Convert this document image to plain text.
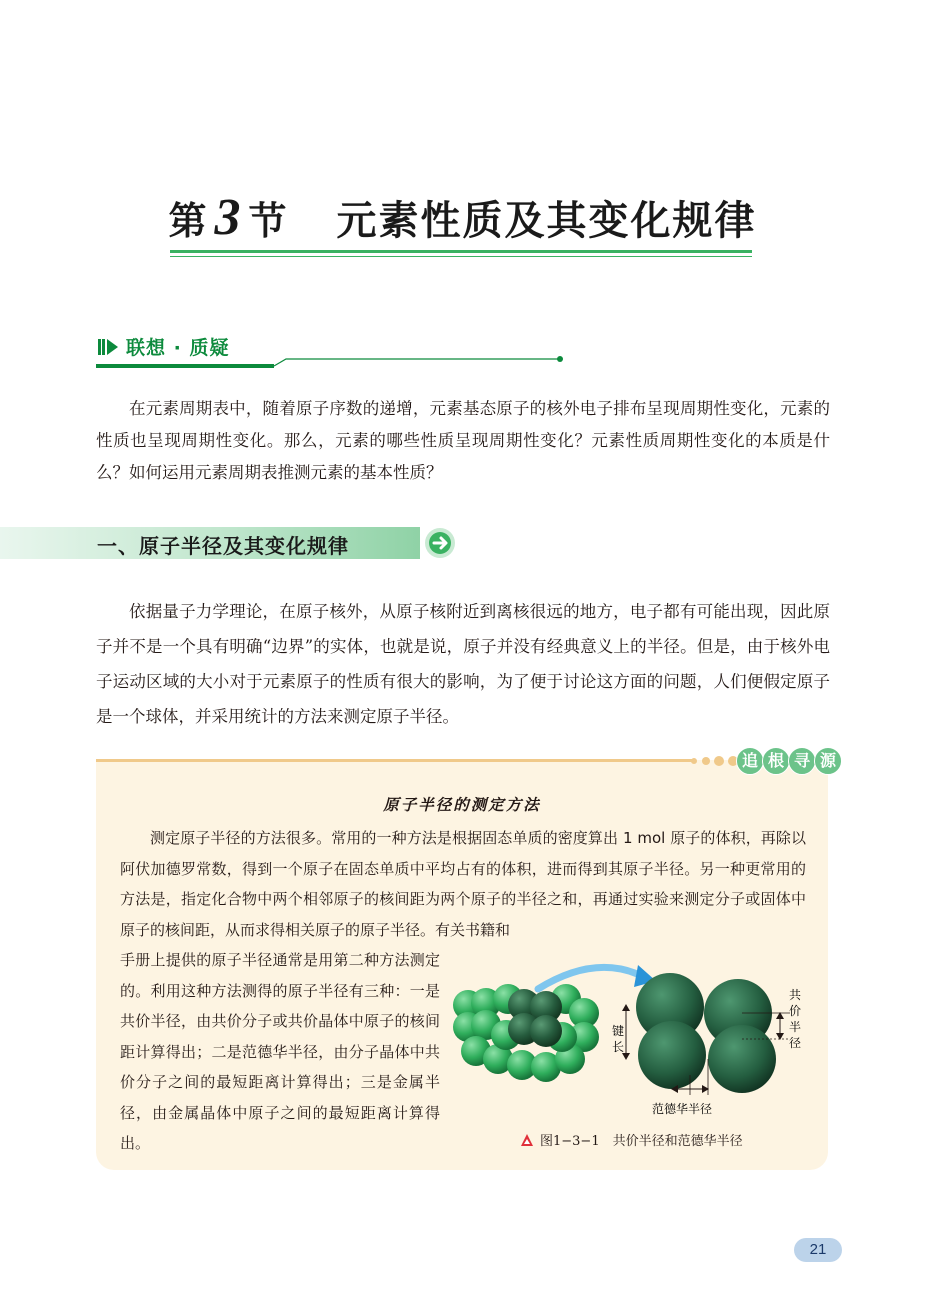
第 3 节 元素性质及其变化规律
联想 · 质疑
在元素周期表中，随着原子序数的递增，元素基态原子的核外电子排布呈现周期性变化，元素的性质也呈现周期性变化。那么，元素的哪些性质呈现周期性变化？元素性质周期性变化的本质是什么？如何运用元素周期表推测元素的基本性质？
一、原子半径及其变化规律
依据量子力学理论，在原子核外，从原子核附近到离核很远的地方，电子都有可能出现，因此原子并不是一个具有明确“边界”的实体，也就是说，原子并没有经典意义上的半径。但是，由于核外电子运动区域的大小对于元素原子的性质有很大的影响，为了便于讨论这方面的问题，人们便假定原子是一个球体，并采用统计的方法来测定原子半径。
追 根 寻 源
原子半径的测定方法
测定原子半径的方法很多。常用的一种方法是根据固态单质的密度算出 1 mol 原子的体积，再除以阿伏加德罗常数，得到一个原子在固态单质中平均占有的体积，进而得到其原子半径。另一种更常用的方法是，指定化合物中两个相邻原子的核间距为两个原子的半径之和，再通过实验来测定分子或固体中原子的核间距，从而求得相关原子的原子半径。有关书籍和
手册上提供的原子半径通常是用第二种方法测定的。利用这种方法测得的原子半径有三种：一是共价半径，由共价分子或共价晶体中原子的核间距计算得出；二是范德华半径，由分子晶体中共价分子之间的最短距离计算得出；三是金属半径，由金属晶体中原子之间的最短距离计算得出。
共
价
半
径
键
长
范德华半径
图1−3−1　共价半径和范德华半径
21
